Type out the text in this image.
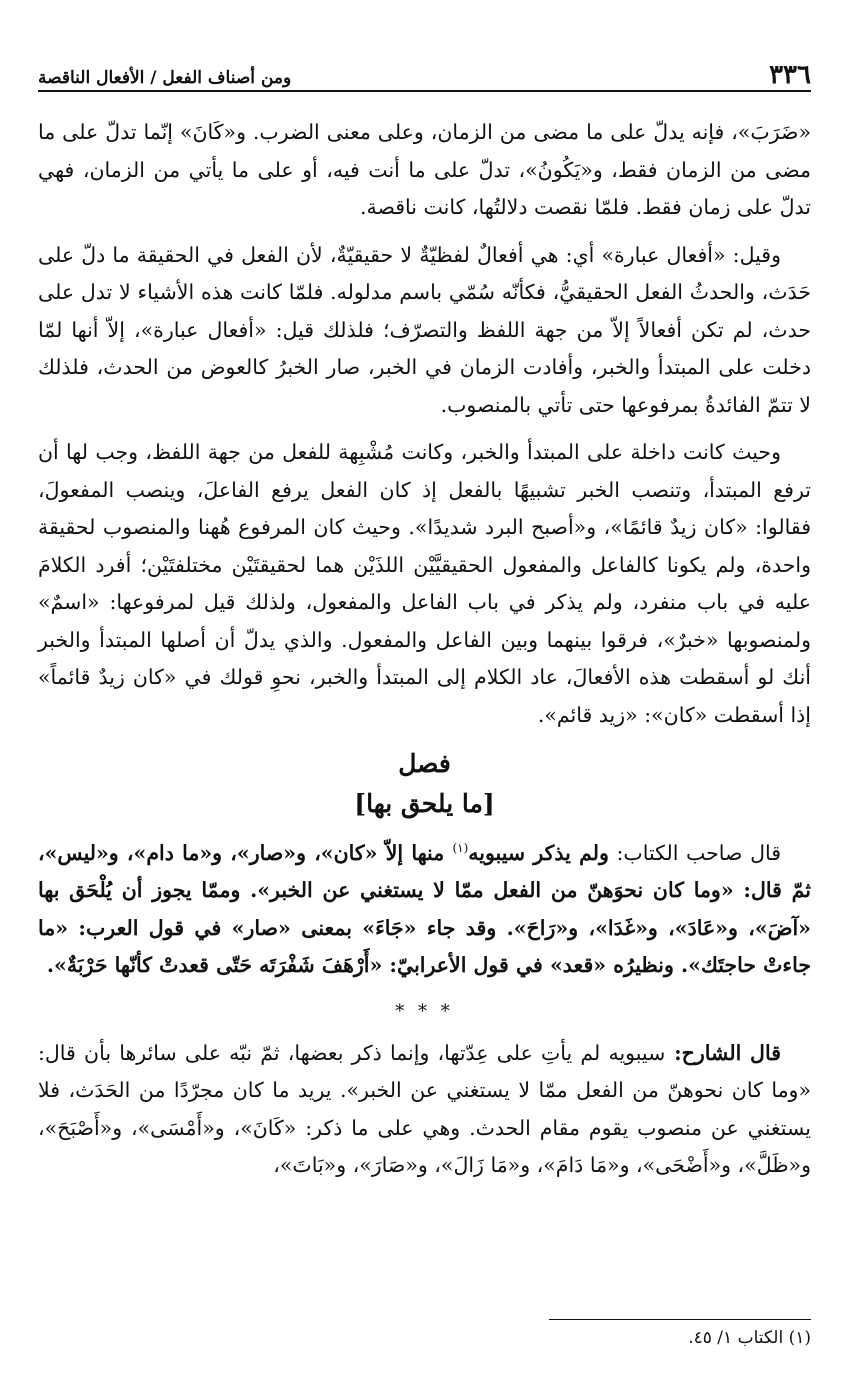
٣٣٦
ومن أصناف الفعل / الأفعال الناقصة

«ضَرَبَ»، فإنه يدلّ على ما مضى من الزمان، وعلى معنى الضرب. و«كَانَ» إنّما تدلّ على ما مضى من الزمان فقط، و«يَكُونُ»، تدلّ على ما أنت فيه، أو على ما يأتي من الزمان، فهي تدلّ على زمان فقط. فلمّا نقصت دلالتُها، كانت ناقصة.

وقيل: «أفعال عبارة» أي: هي أفعالٌ لفظيّةٌ لا حقيقيّةٌ، لأن الفعل في الحقيقة ما دلّ على حَدَث، والحدثُ الفعل الحقيقيُّ، فكأنّه سُمّي باسم مدلوله. فلمّا كانت هذه الأشياء لا تدل على حدث، لم تكن أفعالاً إلاّ من جهة اللفظ والتصرّف؛ فلذلك قيل: «أفعال عبارة»، إلاّ أنها لمّا دخلت على المبتدأ والخبر، وأفادت الزمان في الخبر، صار الخبرُ كالعوض من الحدث، فلذلك لا تتمّ الفائدةُ بمرفوعها حتى تأتي بالمنصوب.

وحيث كانت داخلة على المبتدأ والخبر، وكانت مُشْبِهة للفعل من جهة اللفظ، وجب لها أن ترفع المبتدأ، وتنصب الخبر تشبيهًا بالفعل إذ كان الفعل يرفع الفاعلَ، وينصب المفعولَ، فقالوا: «كان زيدٌ قائمًا»، و«أصبح البرد شديدًا». وحيث كان المرفوع هُهنا والمنصوب لحقيقة واحدة، ولم يكونا كالفاعل والمفعول الحقيقيَّيْن اللذَيْن هما لحقيقتَيْن مختلفتَيْن؛ أفرد الكلامَ عليه في باب منفرد، ولم يذكر في باب الفاعل والمفعول، ولذلك قيل لمرفوعها: «اسمٌ» ولمنصوبها «خبرٌ»، فرقوا بينهما وبين الفاعل والمفعول. والذي يدلّ أن أصلها المبتدأ والخبر أنك لو أسقطت هذه الأفعالَ، عاد الكلام إلى المبتدأ والخبر، نحوِ قولك في «كان زيدٌ قائماً» إذا أسقطت «كان»: «زيد قائم».

فصل
[ما يلحق بها]

قال صاحب الكتاب: ولم يذكر سيبويه$^{(١)}$ منها إلاّ «كان»، و«صار»، و«ما دام»، و«ليس»، ثمّ قال: «وما كان نحوَهنّ من الفعل ممّا لا يستغني عن الخبر». وممّا يجوز أن يُلْحَق بها «آضَ»، و«عَادَ»، و«غَدَا»، و«رَاحَ». وقد جاء «جَاءَ» بمعنى «صار» في قول العرب: «ما جاءتْ حاجتَك». ونظيرُه «قعد» في قول الأعرابيّ: «أَرْهَفَ شَفْرَتَه حَتّى قعدتْ كأنّها حَرْبَةٌ».

* * *

قال الشارح: سيبويه لم يأتِ على عِدّتها، وإنما ذكر بعضها، ثمّ نبّه على سائرها بأن قال: «وما كان نحوهنّ من الفعل ممّا لا يستغني عن الخبر». يريد ما كان مجرّدًا من الحَدَث، فلا يستغني عن منصوب يقوم مقام الحدث. وهي على ما ذكر: «كَانَ»، و«أَمْسَى»، و«أَصْبَحَ»، و«ظَلَّ»، و«أَضْحَى»، و«مَا دَامَ»، و«مَا زَالَ»، و«صَارَ»، و«بَاتَ»،

(١) الكتاب ١/ ٤٥.
